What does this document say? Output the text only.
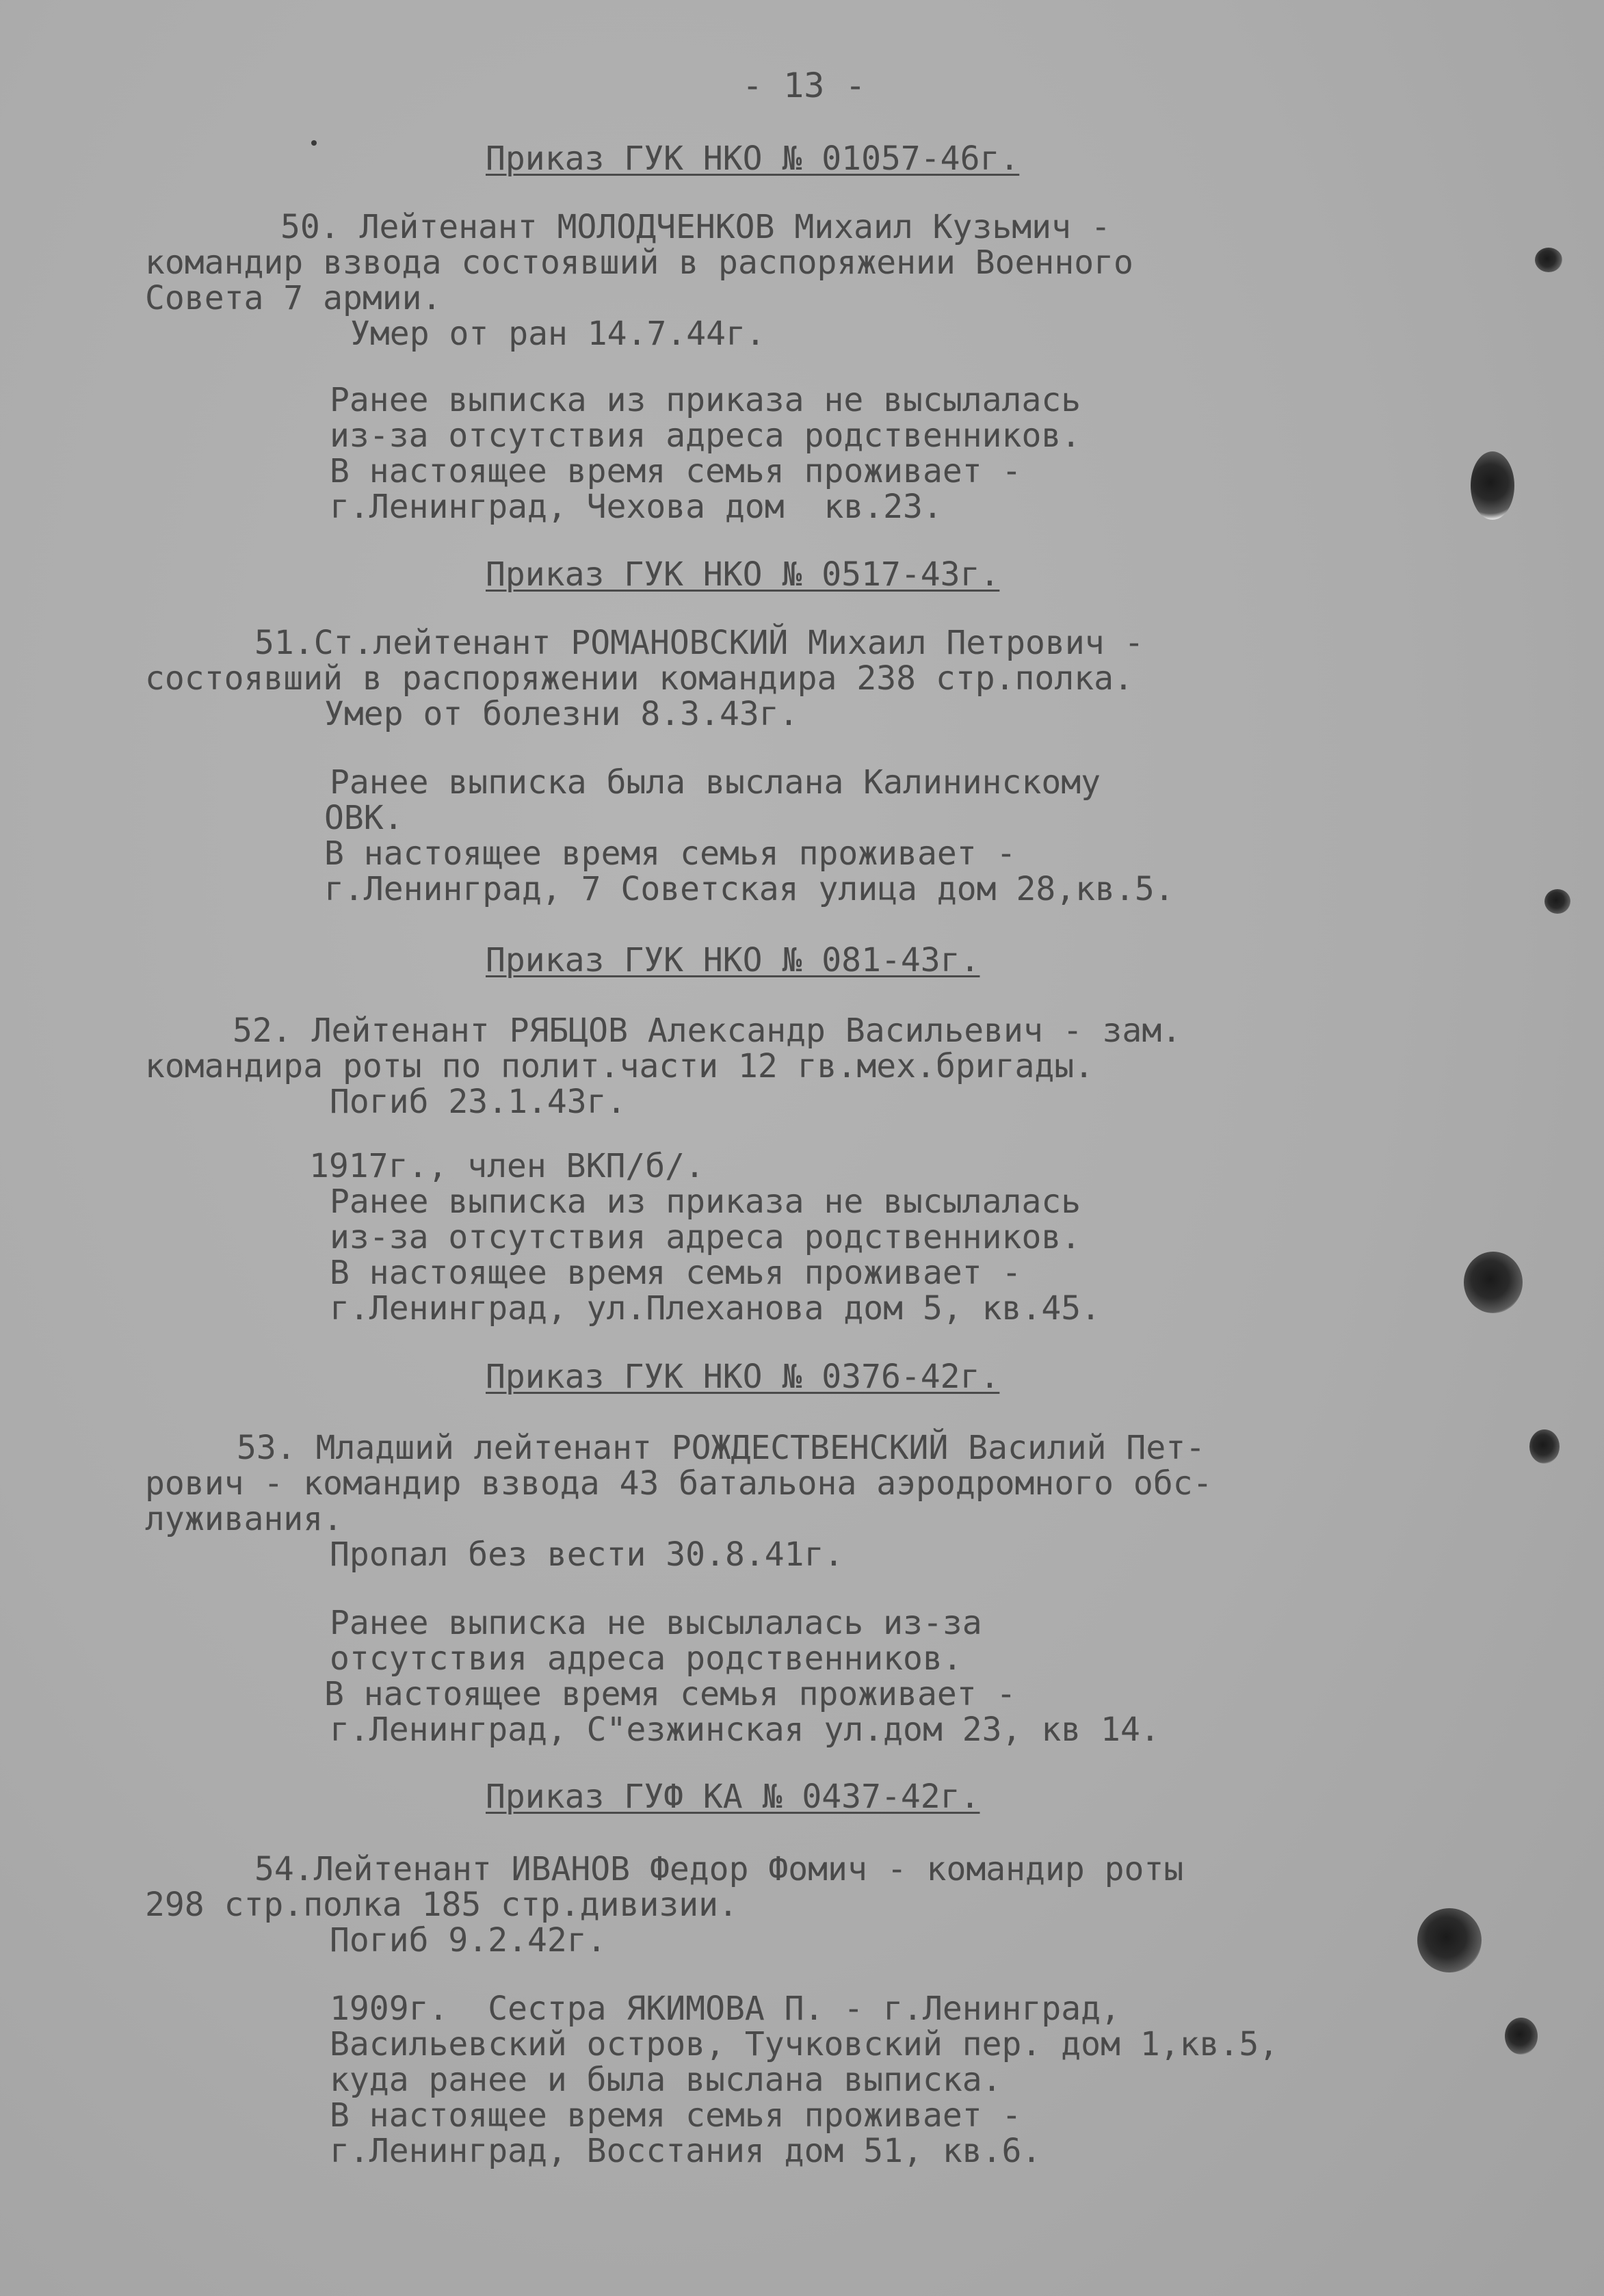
- 13 -

Приказ ГУК НКО № 01057-46г.

50. Лейтенант МОЛОДЧЕНКОВ Михаил Кузьмич -

командир взвода состоявший в распоряжении Военного

Совета 7 армии.

Умер от ран 14.7.44г.

Ранее выписка из приказа не высылалась

из-за отсутствия адреса родственников.

В настоящее время семья проживает -

г.Ленинград, Чехова дом  кв.23.

Приказ ГУК НКО № 0517-43г.

51.Ст.лейтенант РОМАНОВСКИЙ Михаил Петрович -

состоявший в распоряжении командира 238 стр.полка.

Умер от болезни 8.3.43г.

Ранее выписка была выслана Калининскому

ОВК.

В настоящее время семья проживает -

г.Ленинград, 7 Советская улица дом 28,кв.5.

Приказ ГУК НКО № 081-43г.

52. Лейтенант РЯБЦОВ Александр Васильевич - зам.

командира роты по полит.части 12 гв.мех.бригады.

Погиб 23.1.43г.

1917г., член ВКП/б/.

Ранее выписка из приказа не высылалась

из-за отсутствия адреса родственников.

В настоящее время семья проживает -

г.Ленинград, ул.Плеханова дом 5, кв.45.

Приказ ГУК НКО № 0376-42г.

53. Младший лейтенант РОЖДЕСТВЕНСКИЙ Василий Пет-

рович - командир взвода 43 батальона аэродромного обс-

луживания.

Пропал без вести 30.8.41г.

Ранее выписка не высылалась из-за

отсутствия адреса родственников.

В настоящее время семья проживает -

г.Ленинград, С"езжинская ул.дом 23, кв 14.

Приказ ГУФ КА № 0437-42г.

54.Лейтенант ИВАНОВ Федор Фомич - командир роты

298 стр.полка 185 стр.дивизии.

Погиб 9.2.42г.

1909г.  Сестра ЯКИМОВА П. - г.Ленинград,

Васильевский остров, Тучковский пер. дом 1,кв.5,

куда ранее и была выслана выписка.

В настоящее время семья проживает -

г.Ленинград, Восстания дом 51, кв.6.
